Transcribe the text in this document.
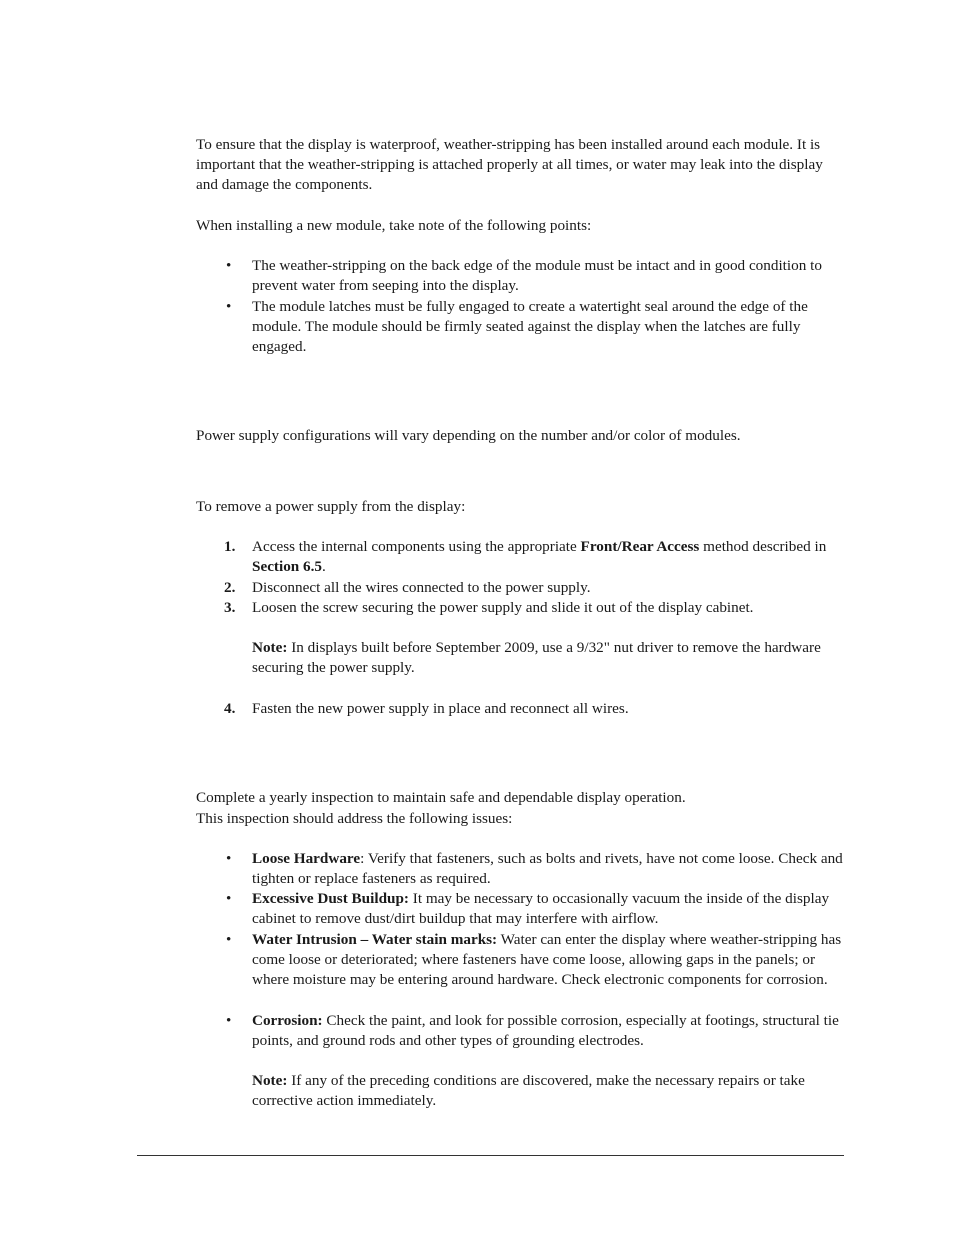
To ensure that the display is waterproof, weather-stripping has been installed around each module. It is important that the weather-stripping is attached properly at all times, or water may leak into the display and damage the components.

When installing a new module, take note of the following points:

•	The weather-stripping on the back edge of the module must be intact and in good condition to prevent water from seeping into the display.
•	The module latches must be fully engaged to create a watertight seal around the edge of the module. The module should be firmly seated against the display when the latches are fully engaged.

Power supply configurations will vary depending on the number and/or color of modules.

To remove a power supply from the display:

1.	Access the internal components using the appropriate Front/Rear Access method described in Section 6.5.
2.	Disconnect all the wires connected to the power supply.
3.	Loosen the screw securing the power supply and slide it out of the display cabinet.
Note: In displays built before September 2009, use a 9/32" nut driver to remove the hardware securing the power supply.
4.	Fasten the new power supply in place and reconnect all wires.

Complete a yearly inspection to maintain safe and dependable display operation.

This inspection should address the following issues:

•	Loose Hardware: Verify that fasteners, such as bolts and rivets, have not come loose. Check and tighten or replace fasteners as required.
•	Excessive Dust Buildup: It may be necessary to occasionally vacuum the inside of the display cabinet to remove dust/dirt buildup that may interfere with airflow.
•	Water Intrusion – Water stain marks: Water can enter the display where weather-stripping has come loose or deteriorated; where fasteners have come loose, allowing gaps in the panels; or where moisture may be entering around hardware. Check electronic components for corrosion.
•	Corrosion: Check the paint, and look for possible corrosion, especially at footings, structural tie points, and ground rods and other types of grounding electrodes.
Note: If any of the preceding conditions are discovered, make the necessary repairs or take corrective action immediately.
